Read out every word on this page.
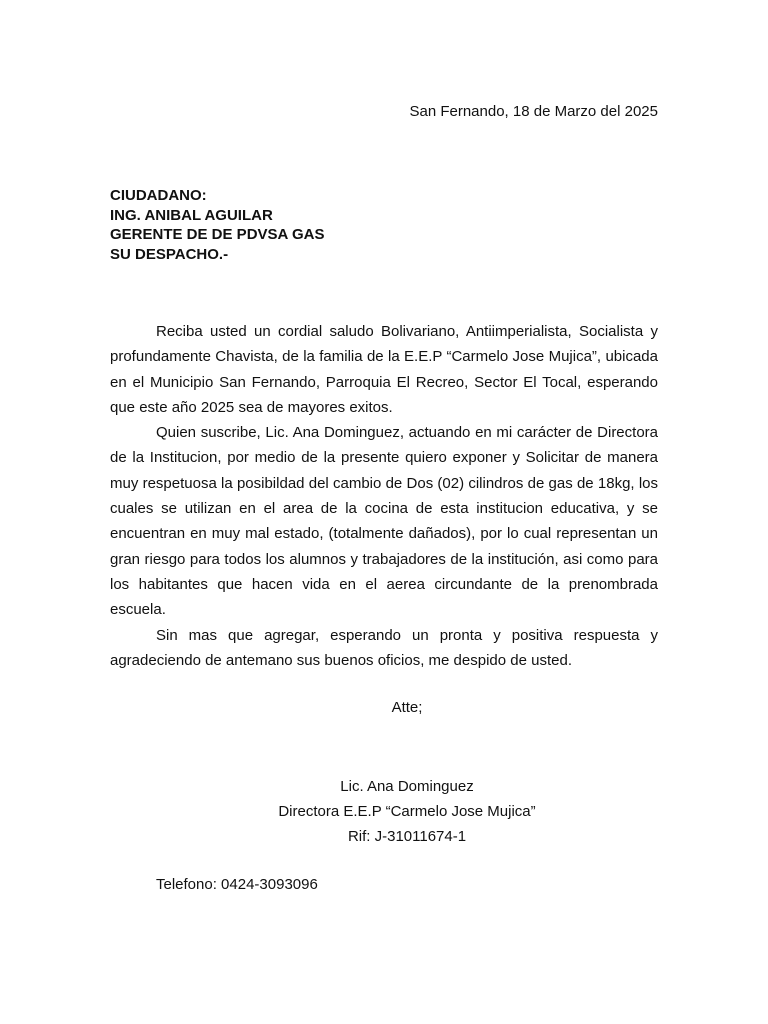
San Fernando, 18 de Marzo del 2025
CIUDADANO:
ING. ANIBAL AGUILAR
GERENTE DE DE PDVSA GAS
SU DESPACHO.-

Reciba usted un cordial saludo Bolivariano, Antiimperialista, Socialista y profundamente Chavista, de la familia de la E.E.P “Carmelo Jose Mujica”, ubicada en el Municipio San Fernando, Parroquia El Recreo, Sector El Tocal, esperando que este año 2025 sea de mayores exitos.

Quien suscribe, Lic. Ana Dominguez, actuando en mi carácter de Directora de la Institucion, por medio de la presente quiero exponer y Solicitar de manera muy respetuosa la posibildad del cambio de Dos (02) cilindros de gas de 18kg, los cuales se utilizan en el area de la cocina de esta institucion educativa, y se encuentran en muy mal estado, (totalmente dañados), por lo cual representan un gran riesgo para todos los alumnos y trabajadores de la institución, asi como para los habitantes que hacen vida en el aerea circundante de la prenombrada escuela.

Sin mas que agregar, esperando un pronta y positiva respuesta y agradeciendo de antemano sus buenos oficios, me despido de usted.

Atte;
Lic. Ana Dominguez
Directora E.E.P “Carmelo Jose Mujica”
Rif: J-31011674-1
Telefono: 0424-3093096
